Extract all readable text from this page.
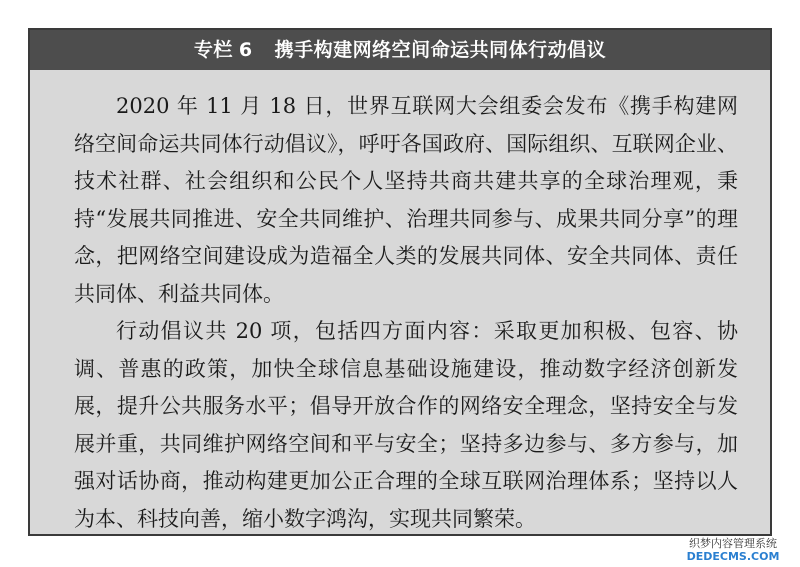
专栏 6 携手构建网络空间命运共同体行动倡议

2020 年 11 月 18 日，世界互联网大会组委会发布《携手构建网络空间命运共同体行动倡议》，呼吁各国政府、国际组织、互联网企业、技术社群、社会组织和公民个人坚持共商共建共享的全球治理观，秉持“发展共同推进、安全共同维护、治理共同参与、成果共同分享”的理念，把网络空间建设成为造福全人类的发展共同体、安全共同体、责任共同体、利益共同体。

行动倡议共 20 项，包括四方面内容：采取更加积极、包容、协调、普惠的政策，加快全球信息基础设施建设，推动数字经济创新发展，提升公共服务水平；倡导开放合作的网络安全理念，坚持安全与发展并重，共同维护网络空间和平与安全；坚持多边参与、多方参与，加强对话协商，推动构建更加公正合理的全球互联网治理体系；坚持以人为本、科技向善，缩小数字鸿沟，实现共同繁荣。

织梦内容管理系统
DEDECMS.COM
